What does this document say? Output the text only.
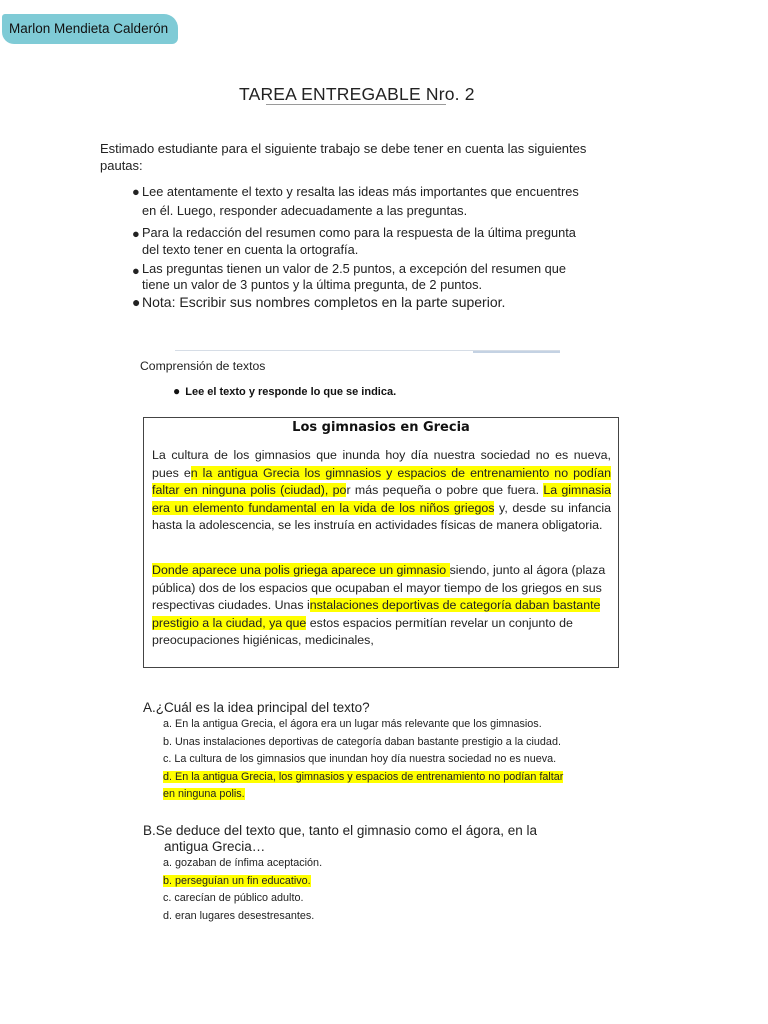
Marlon Mendieta Calderón
TAREA ENTREGABLE Nro. 2
Estimado estudiante para el siguiente trabajo se debe tener en cuenta las siguientes pautas:
● Lee atentamente el texto y resalta las ideas más importantes que encuentres
en él. Luego, responder adecuadamente a las preguntas.
● Para la redacción del resumen como para la respuesta de la última pregunta
del texto tener en cuenta la ortografía.
● Las preguntas tienen un valor de 2.5 puntos, a excepción del resumen que
tiene un valor de 3 puntos y la última pregunta, de 2 puntos.
● Nota: Escribir sus nombres completos en la parte superior.
Comprensión de textos
● Lee el texto y responde lo que se indica.
Los gimnasios en Grecia
La cultura de los gimnasios que inunda hoy día nuestra sociedad no es nueva, pues en la antigua Grecia los gimnasios y espacios de entrenamiento no podían faltar en ninguna polis (ciudad), por más pequeña o pobre que fuera. La gimnasia era un elemento fundamental en la vida de los niños griegos y, desde su infancia hasta la adolescencia, se les instruía en actividades físicas de manera obligatoria.
Donde aparece una polis griega aparece un gimnasio siendo, junto al ágora (plaza pública) dos de los espacios que ocupaban el mayor tiempo de los griegos en sus respectivas ciudades. Unas instalaciones deportivas de categoría daban bastante prestigio a la ciudad, ya que estos espacios permitían revelar un conjunto de preocupaciones higiénicas, medicinales,
A.¿Cuál es la idea principal del texto?
a. En la antigua Grecia, el ágora era un lugar más relevante que los gimnasios.
b. Unas instalaciones deportivas de categoría daban bastante prestigio a la ciudad.
c. La cultura de los gimnasios que inundan hoy día nuestra sociedad no es nueva.
d. En la antigua Grecia, los gimnasios y espacios de entrenamiento no podían faltar
en ninguna polis.
B.Se deduce del texto que, tanto el gimnasio como el ágora, en la
antigua Grecia…
a. gozaban de ínfima aceptación.
b. perseguían un fin educativo.
c. carecían de público adulto.
d. eran lugares desestresantes.
